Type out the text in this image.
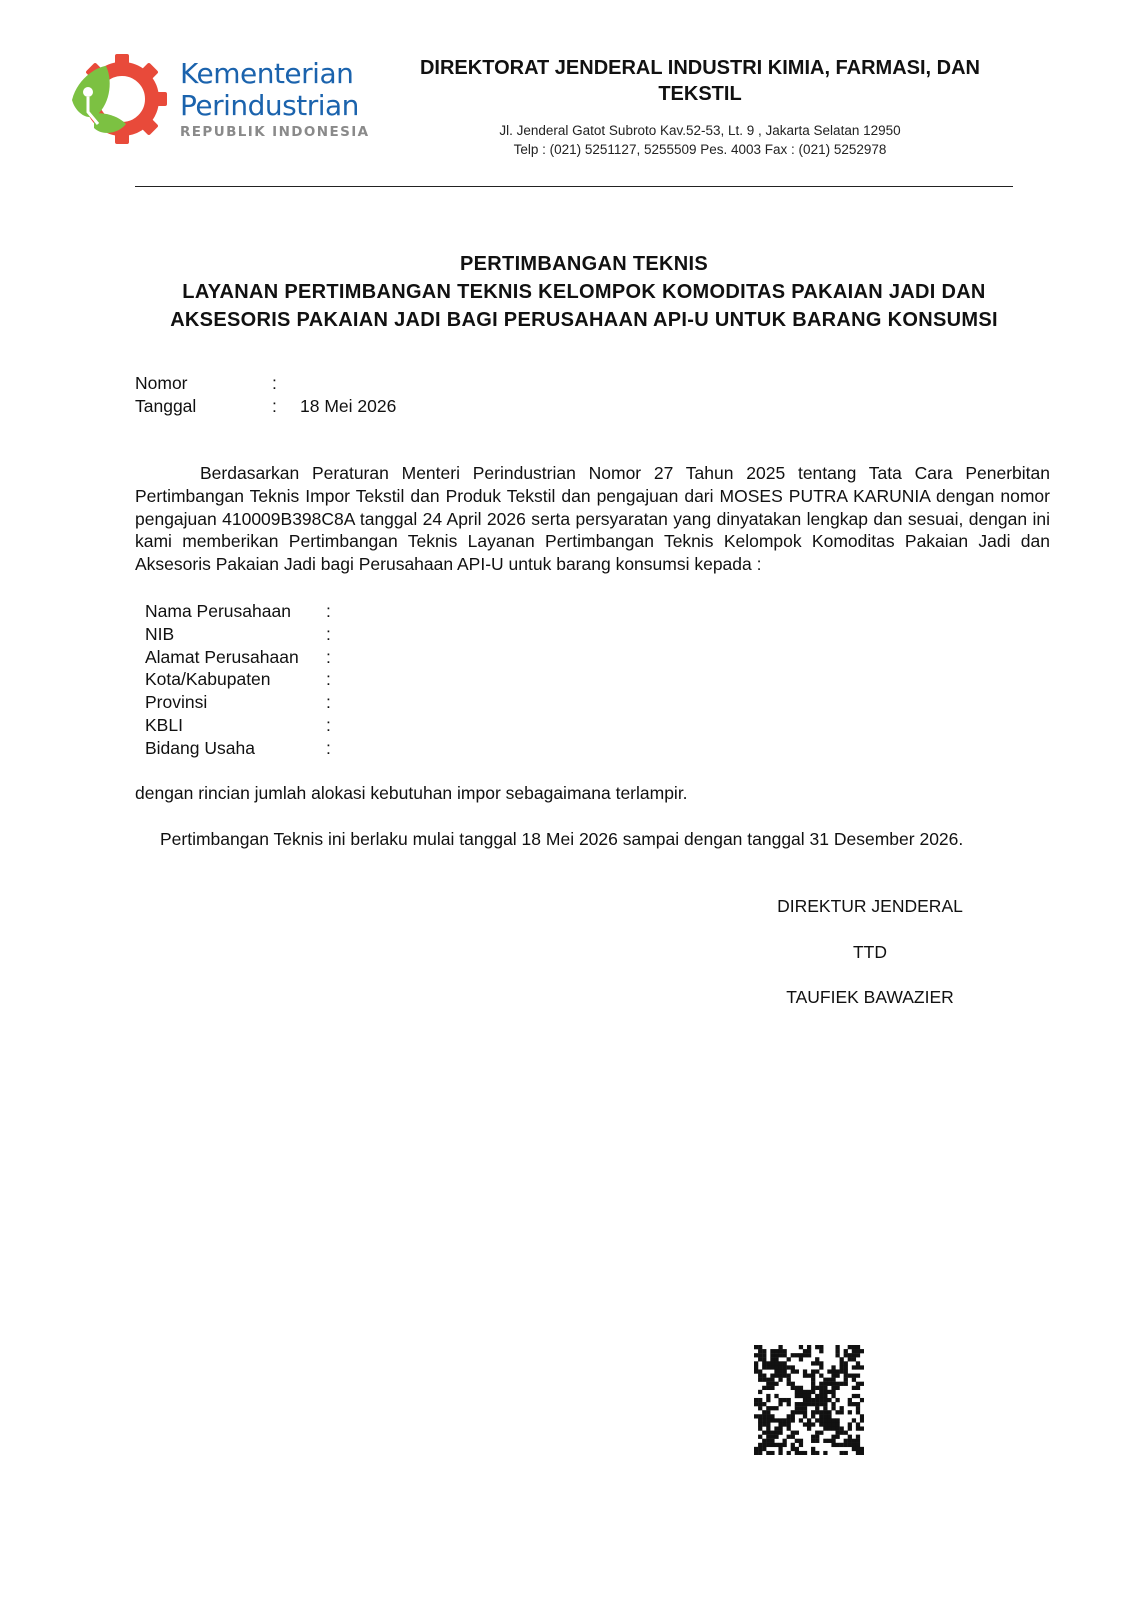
Kementerian
Perindustrian
REPUBLIK INDONESIA
DIREKTORAT JENDERAL INDUSTRI KIMIA, FARMASI, DAN TEKSTIL
Jl. Jenderal Gatot Subroto Kav.52-53, Lt. 9 , Jakarta Selatan 12950
Telp : (021) 5251127, 5255509 Pes. 4003 Fax : (021) 5252978
PERTIMBANGAN TEKNIS
LAYANAN PERTIMBANGAN TEKNIS KELOMPOK KOMODITAS PAKAIAN JADI DAN
AKSESORIS PAKAIAN JADI BAGI PERUSAHAAN API-U UNTUK BARANG KONSUMSI
Nomor	:
Tanggal	: 18 Mei 2026
Berdasarkan Peraturan Menteri Perindustrian Nomor 27 Tahun 2025 tentang Tata Cara Penerbitan Pertimbangan Teknis Impor Tekstil dan Produk Tekstil dan pengajuan dari MOSES PUTRA KARUNIA dengan nomor pengajuan 410009B398C8A tanggal 24 April 2026 serta persyaratan yang dinyatakan lengkap dan sesuai, dengan ini kami memberikan Pertimbangan Teknis Layanan Pertimbangan Teknis Kelompok Komoditas Pakaian Jadi dan Aksesoris Pakaian Jadi bagi Perusahaan API-U untuk barang konsumsi kepada :
Nama Perusahaan :
NIB	:
Alamat Perusahaan :
Kota/Kabupaten	:
Provinsi	:
KBLI	:
Bidang Usaha	:
dengan rincian jumlah alokasi kebutuhan impor sebagaimana terlampir.
Pertimbangan Teknis ini berlaku mulai tanggal 18 Mei 2026 sampai dengan tanggal 31 Desember 2026.
DIREKTUR JENDERAL
TTD
TAUFIEK BAWAZIER
